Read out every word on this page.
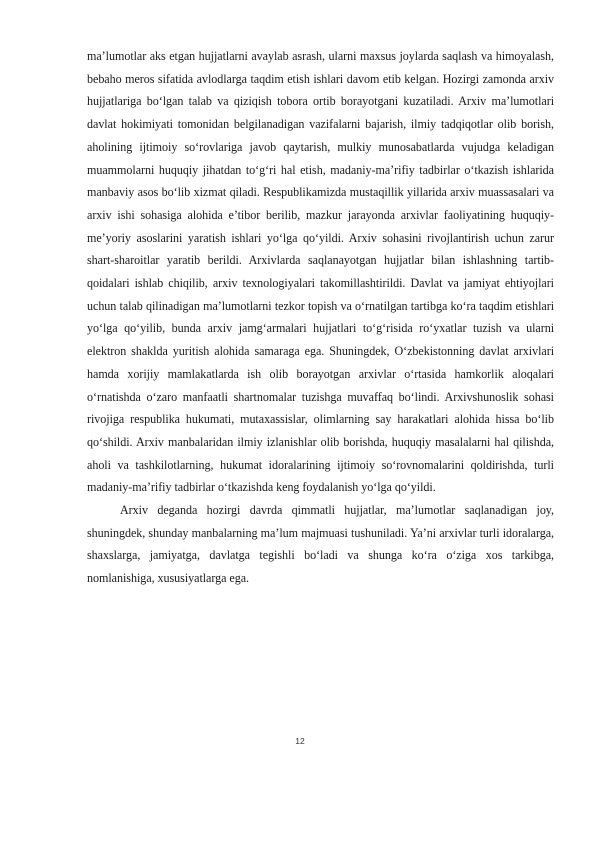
ma’lumotlar aks etgan hujjatlarni avaylab asrash, ularni maxsus joylarda saqlash va himoyalash, bebaho meros sifatida avlodlarga taqdim etish ishlari davom etib kelgan. Hozirgi zamonda arxiv hujjatlariga bo‘lgan talab va qiziqish tobora ortib borayotgani kuzatiladi. Arxiv ma’lumotlari davlat hokimiyati tomonidan belgilanadigan vazifalarni bajarish, ilmiy tadqiqotlar olib borish, aholining ijtimoiy so‘rovlariga javob qaytarish, mulkiy munosabatlarda vujudga keladigan muammolarni huquqiy jihatdan to‘g‘ri hal etish, madaniy-ma’rifiy tadbirlar o‘tkazish ishlarida manbaviy asos bo‘lib xizmat qiladi. Respublikamizda mustaqillik yillarida arxiv muassasalari va arxiv ishi sohasiga alohida e’tibor berilib, mazkur jarayonda arxivlar faoliyatining huquqiy-me’yoriy asoslarini yaratish ishlari yo‘lga qo‘yildi. Arxiv sohasini rivojlantirish uchun zarur shart-sharoitlar yaratib berildi. Arxivlarda saqlanayotgan hujjatlar bilan ishlashning tartib-qoidalari ishlab chiqilib, arxiv texnologiyalari takomillashtirildi. Davlat va jamiyat ehtiyojlari uchun talab qilinadigan ma’lumotlarni tezkor topish va o‘rnatilgan tartibga ko‘ra taqdim etishlari yo‘lga qo‘yilib, bunda arxiv jamg‘armalari hujjatlari to‘g‘risida ro‘yxatlar tuzish va ularni elektron shaklda yuritish alohida samaraga ega. Shuningdek, O‘zbekistonning davlat arxivlari hamda xorijiy mamlakatlarda ish olib borayotgan arxivlar o‘rtasida hamkorlik aloqalari o‘rnatishda o‘zaro manfaatli shartnomalar tuzishga muvaffaq bo‘lindi. Arxivshunoslik sohasi rivojiga respublika hukumati, mutaxassislar, olimlarning say harakatlari alohida hissa bo‘lib qo‘shildi. Arxiv manbalaridan ilmiy izlanishlar olib borishda, huquqiy masalalarni hal qilishda, aholi va tashkilotlarning, hukumat idoralarining ijtimoiy so‘rovnomalarini qoldirishda, turli madaniy-ma’rifiy tadbirlar o‘tkazishda keng foydalanish yo‘lga qo‘yildi.

Arxiv deganda hozirgi davrda qimmatli hujjatlar, ma’lumotlar saqlanadigan joy, shuningdek, shunday manbalarning ma’lum majmuasi tushuniladi. Ya’ni arxivlar turli idoralarga, shaxslarga, jamiyatga, davlatga tegishli bo‘ladi va shunga ko‘ra o‘ziga xos tarkibga, nomlanishiga, xususiyatlarga ega.

12
